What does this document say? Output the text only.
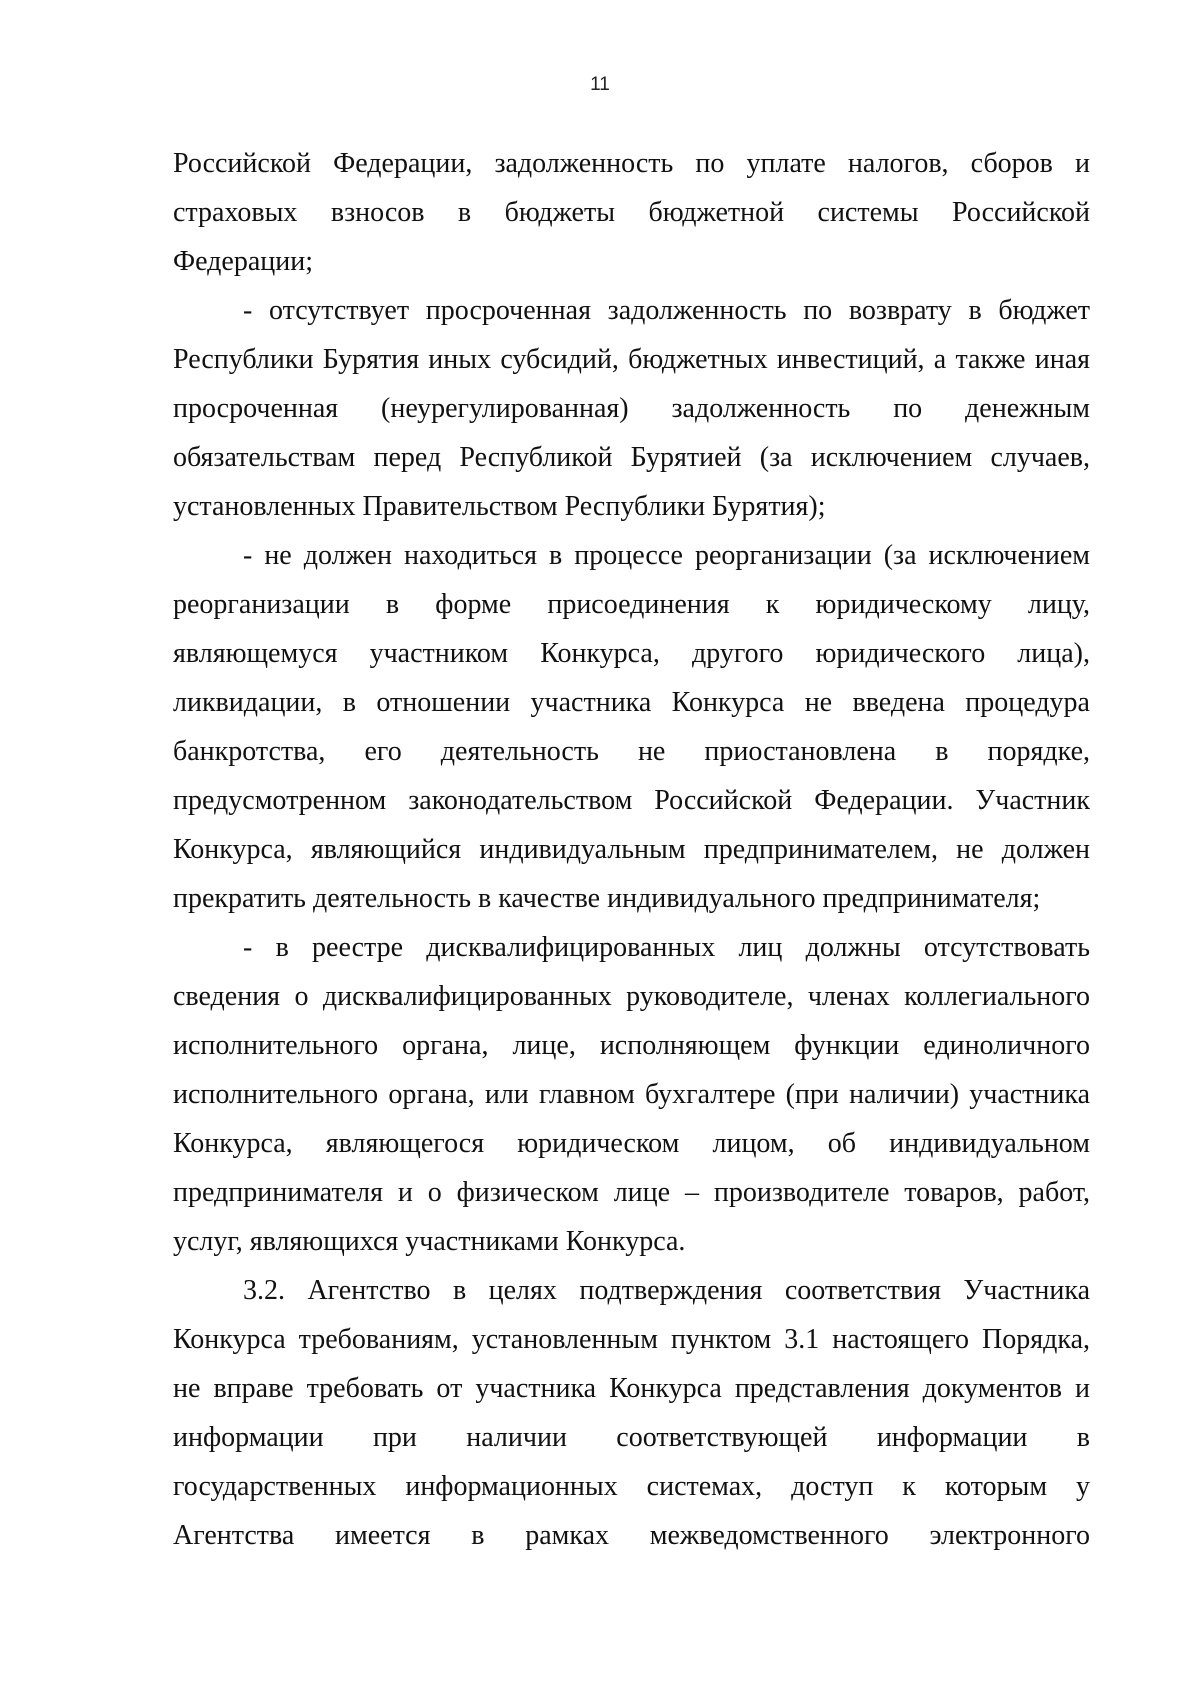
11
Российской Федерации, задолженность по уплате налогов, сборов и
страховых взносов в бюджеты бюджетной системы Российской
Федерации;
- отсутствует просроченная задолженность по возврату в бюджет
Республики Бурятия иных субсидий, бюджетных инвестиций, а также иная
просроченная (неурегулированная) задолженность по денежным
обязательствам перед Республикой Бурятией (за исключением случаев,
установленных Правительством Республики Бурятия);
- не должен находиться в процессе реорганизации (за исключением
реорганизации в форме присоединения к юридическому лицу,
являющемуся участником Конкурса, другого юридического лица),
ликвидации, в отношении участника Конкурса не введена процедура
банкротства, его деятельность не приостановлена в порядке,
предусмотренном законодательством Российской Федерации. Участник
Конкурса, являющийся индивидуальным предпринимателем, не должен
прекратить деятельность в качестве индивидуального предпринимателя;
- в реестре дисквалифицированных лиц должны отсутствовать
сведения о дисквалифицированных руководителе, членах коллегиального
исполнительного органа, лице, исполняющем функции единоличного
исполнительного органа, или главном бухгалтере (при наличии) участника
Конкурса, являющегося юридическом лицом, об индивидуальном
предпринимателя и о физическом лице – производителе товаров, работ,
услуг, являющихся участниками Конкурса.
3.2. Агентство в целях подтверждения соответствия Участника
Конкурса требованиям, установленным пунктом 3.1 настоящего Порядка,
не вправе требовать от участника Конкурса представления документов и
информации при наличии соответствующей информации в
государственных информационных системах, доступ к которым у
Агентства имеется в рамках межведомственного электронного
